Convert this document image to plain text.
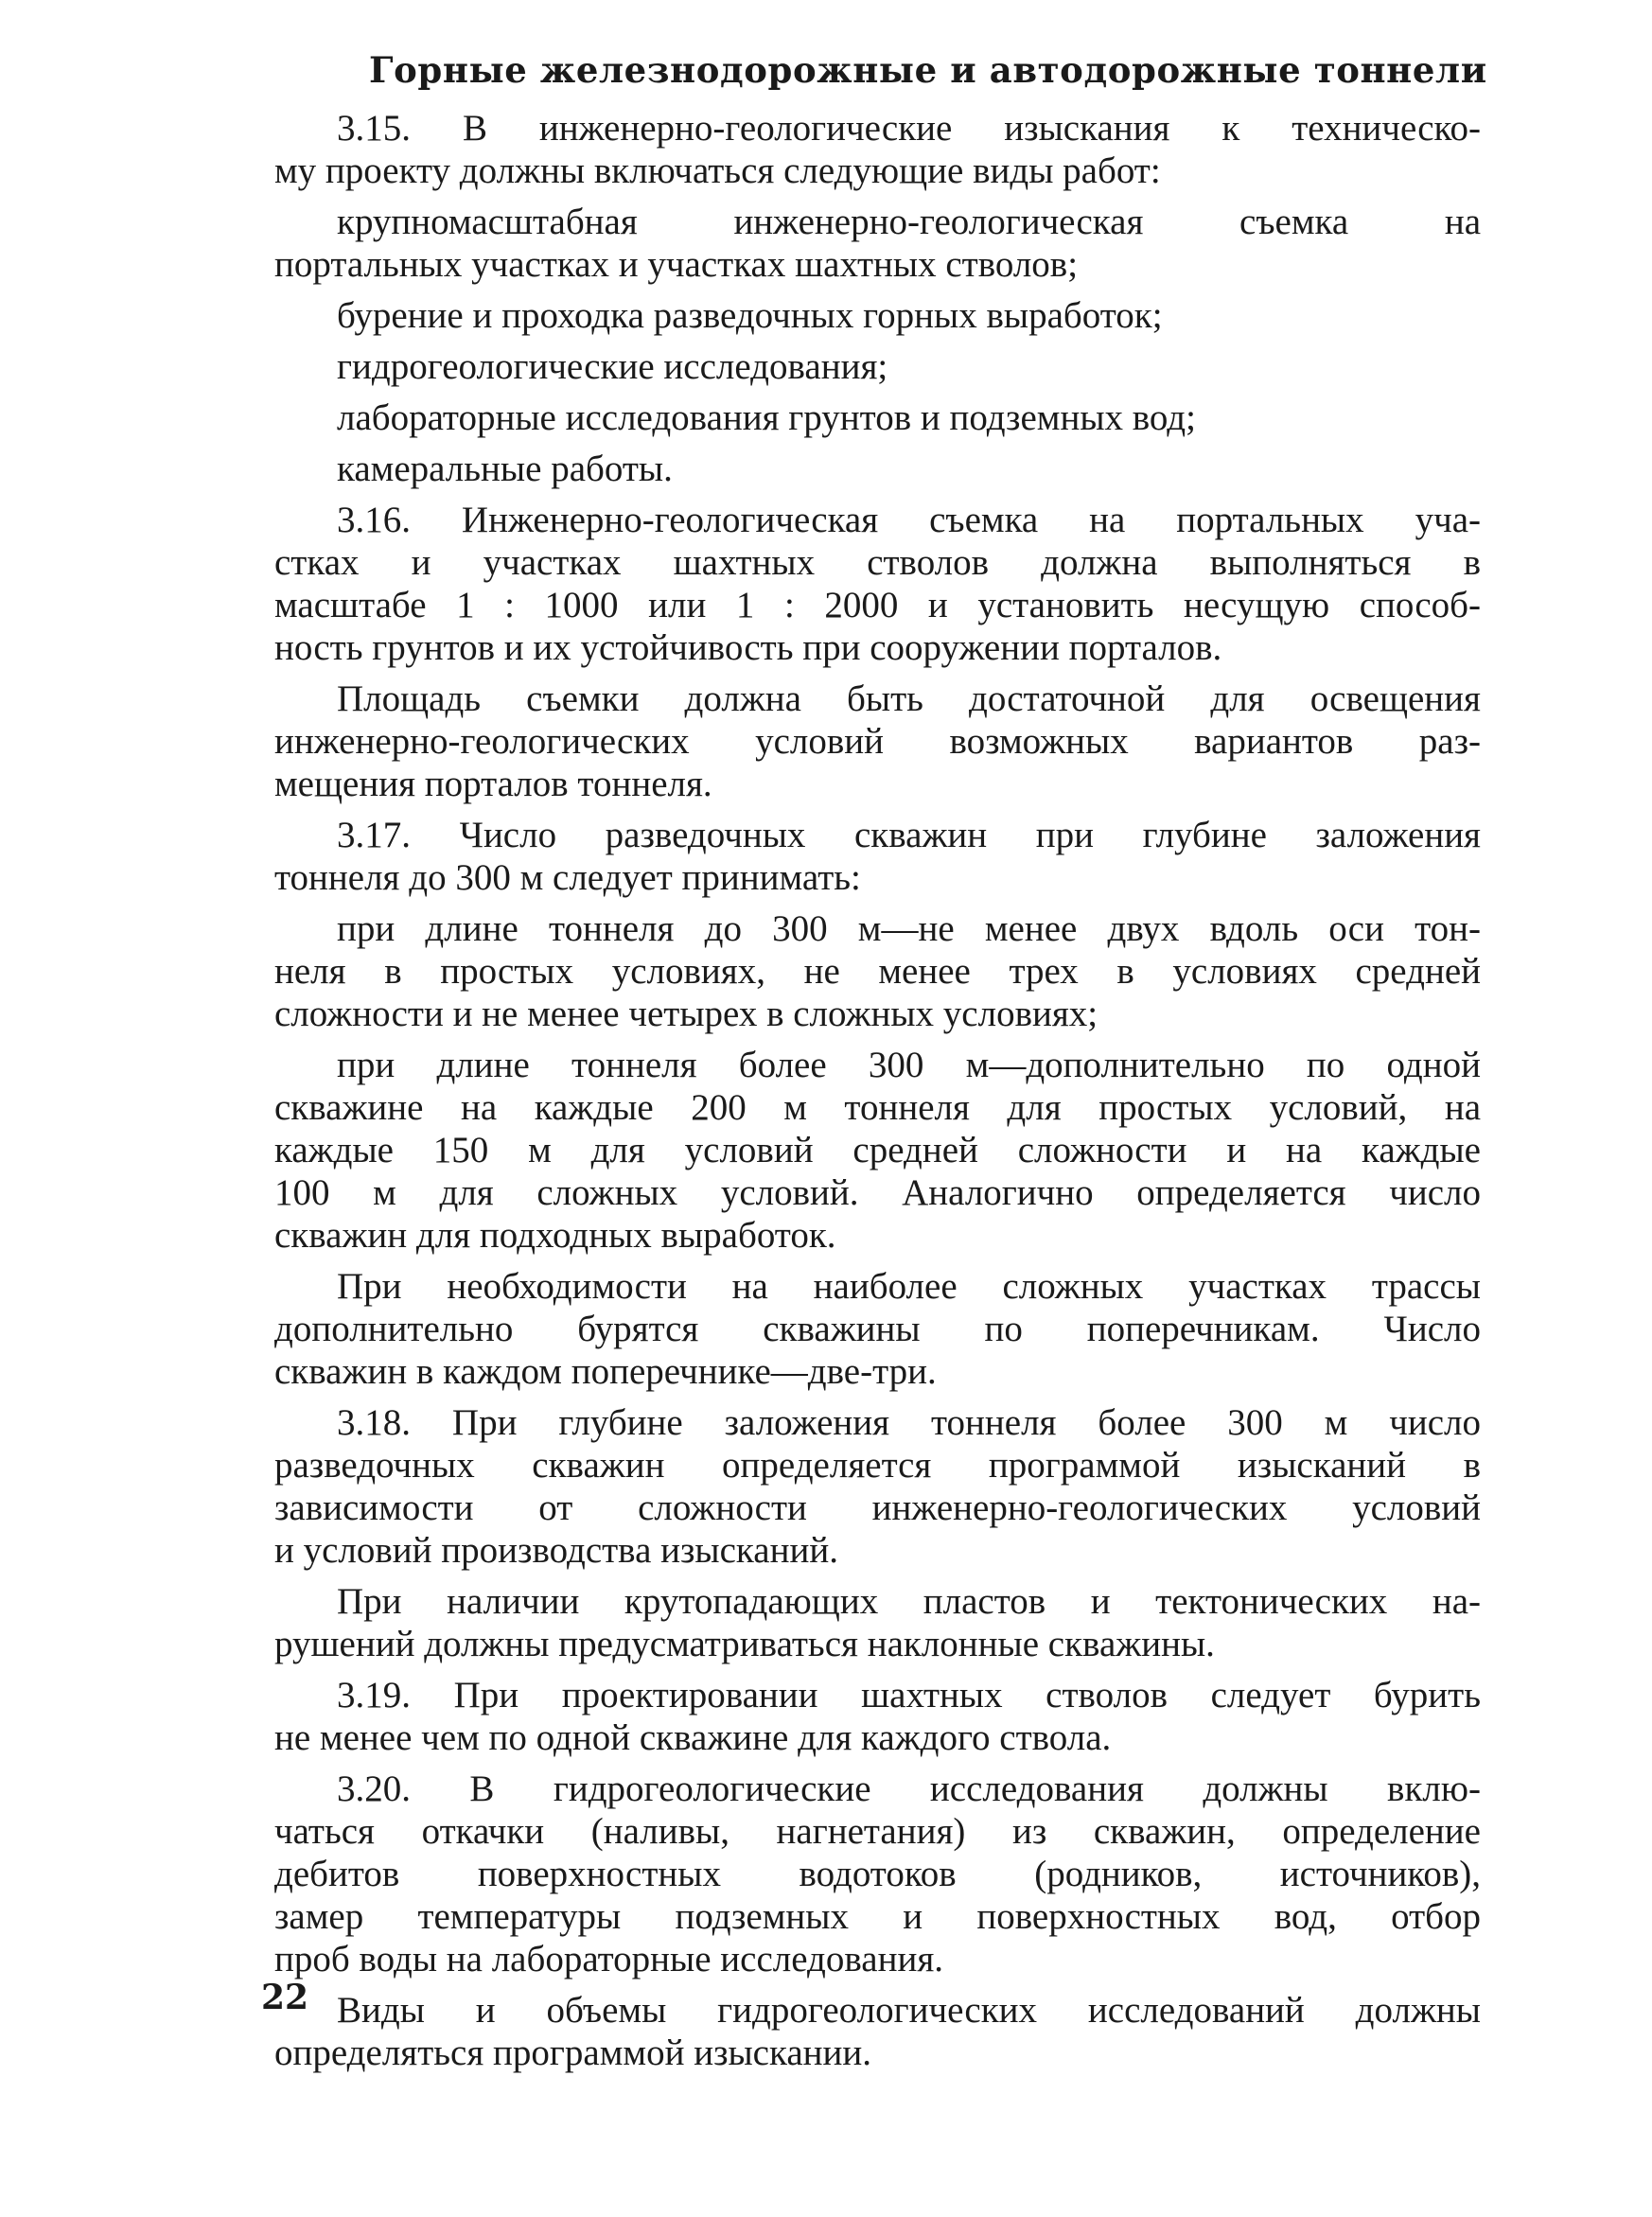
Горные железнодорожные и автодорожные тоннели
3.15. В инженерно-геологические изыскания к техническо-
му проекту должны включаться следующие виды работ:
крупномасштабная инженерно-геологическая съемка на
портальных участках и участках шахтных стволов;
бурение и проходка разведочных горных выработок;
гидрогеологические исследования;
лабораторные исследования грунтов и подземных вод;
камеральные работы.
3.16. Инженерно-геологическая съемка на портальных уча-
стках и участках шахтных стволов должна выполняться в
масштабе 1 : 1000 или 1 : 2000 и установить несущую способ-
ность грунтов и их устойчивость при сооружении порталов.
Площадь съемки должна быть достаточной для освещения
инженерно-геологических условий возможных вариантов раз-
мещения порталов тоннеля.
3.17. Число разведочных скважин при глубине заложения
тоннеля до 300 м следует принимать:
при длине тоннеля до 300 м—не менее двух вдоль оси тон-
неля в простых условиях, не менее трех в условиях средней
сложности и не менее четырех в сложных условиях;
при длине тоннеля более 300 м—дополнительно по одной
скважине на каждые 200 м тоннеля для простых условий, на
каждые 150 м для условий средней сложности и на каждые
100 м для сложных условий. Аналогично определяется число
скважин для подходных выработок.
При необходимости на наиболее сложных участках трассы
дополнительно бурятся скважины по поперечникам. Число
скважин в каждом поперечнике—две-три.
3.18. При глубине заложения тоннеля более 300 м число
разведочных скважин определяется программой изысканий в
зависимости от сложности инженерно-геологических условий
и условий производства изысканий.
При наличии крутопадающих пластов и тектонических на-
рушений должны предусматриваться наклонные скважины.
3.19. При проектировании шахтных стволов следует бурить
не менее чем по одной скважине для каждого ствола.
3.20. В гидрогеологические исследования должны вклю-
чаться откачки (наливы, нагнетания) из скважин, определение
дебитов поверхностных водотоков (родников, источников),
замер температуры подземных и поверхностных вод, отбор
проб воды на лабораторные исследования.
Виды и объемы гидрогеологических исследований должны
определяться программой изыскании.
22
